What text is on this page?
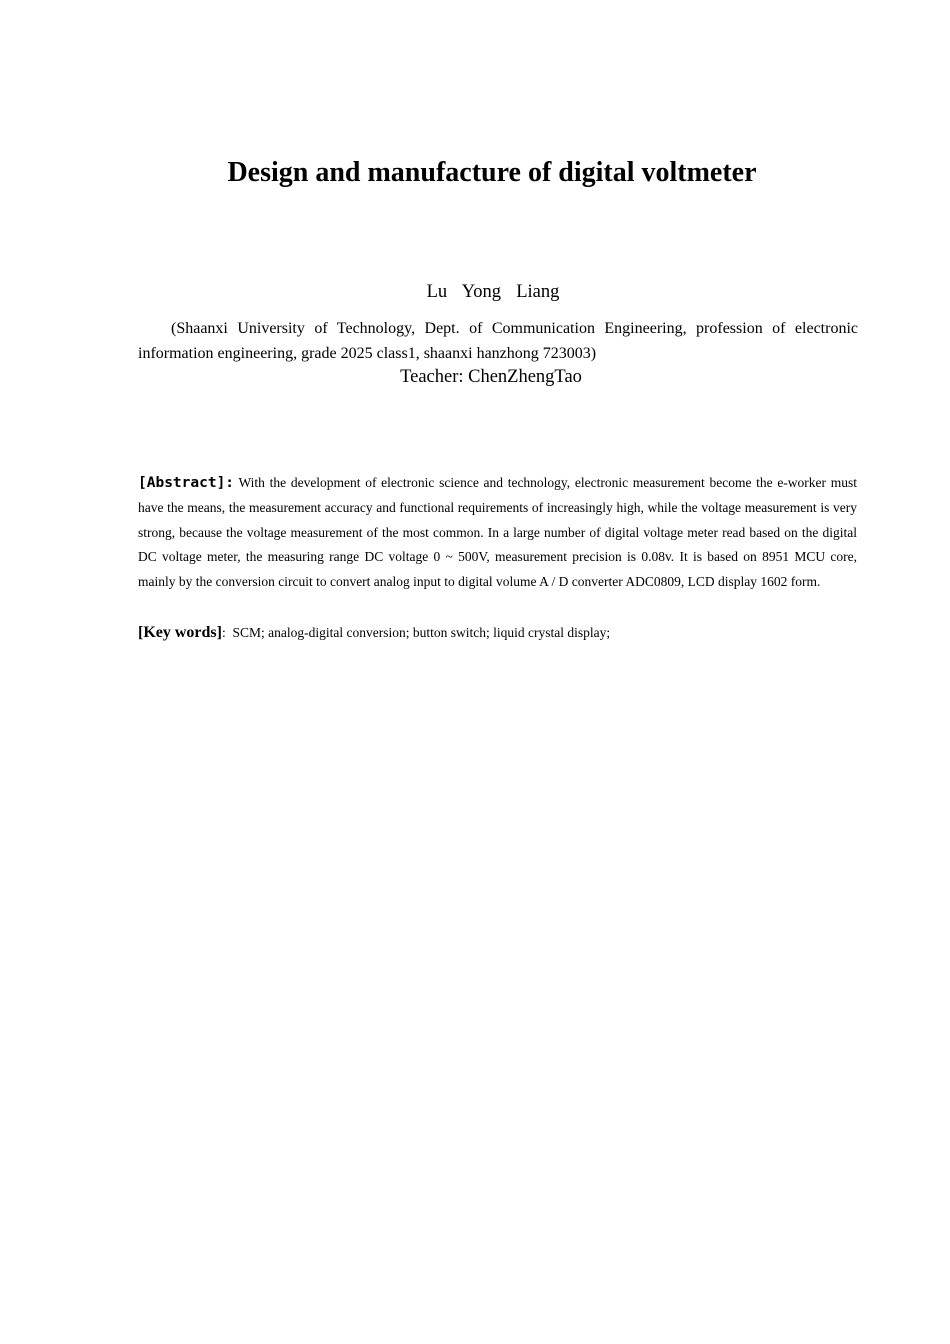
Design and manufacture of digital voltmeter
Lu  Yong  Liang
(Shaanxi University of Technology, Dept. of Communication Engineering, profession of electronic information engineering, grade 2025 class1, shaanxi hanzhong 723003)
Teacher: ChenZhengTao
[Abstract]: With the development of electronic science and technology, electronic measurement become the e-worker must have the means, the measurement accuracy and functional requirements of increasingly high, while the voltage measurement is very strong, because the voltage measurement of the most common. In a large number of digital voltage meter read based on the digital DC voltage meter, the measuring range DC voltage 0 ~ 500V, measurement precision is 0.08v. It is based on 8951 MCU core, mainly by the conversion circuit to convert analog input to digital volume A / D converter ADC0809, LCD display 1602 form.
[Key words]: SCM; analog-digital conversion; button switch; liquid crystal display;
